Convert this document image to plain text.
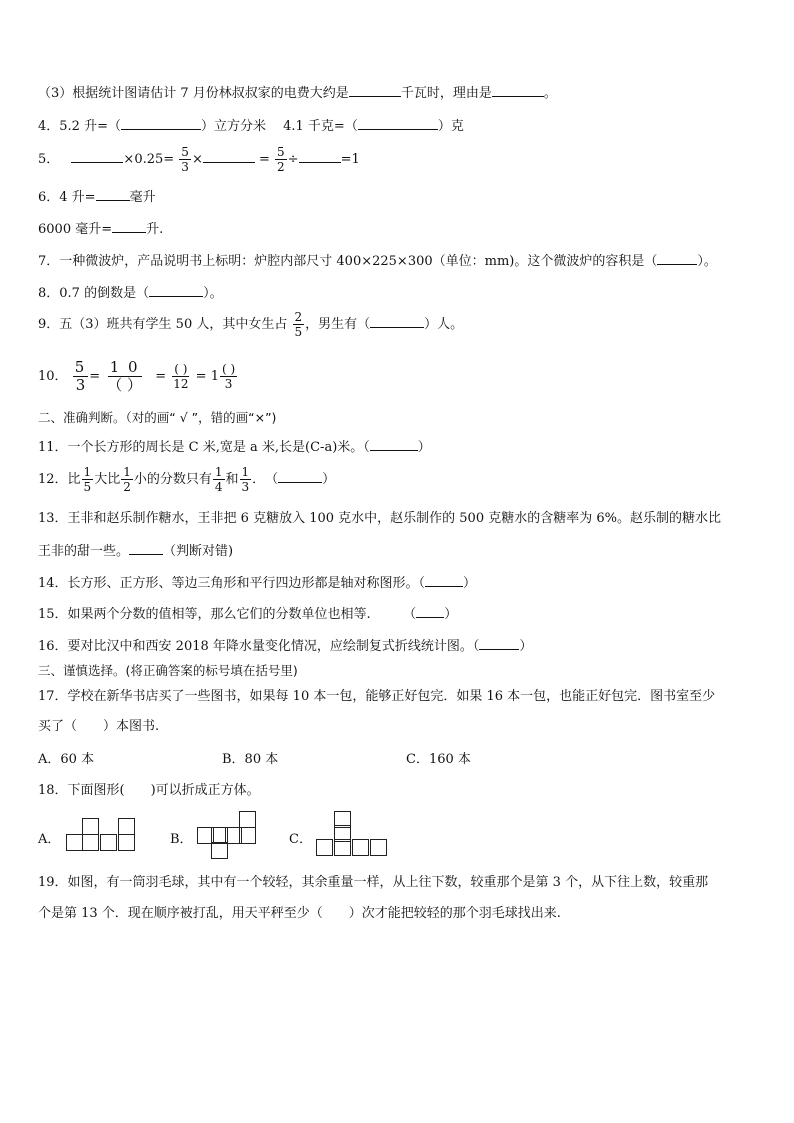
（3）根据统计图请估计 7 月份林叔叔家的电费大约是	千瓦时，理由是	。
4．5.2 升=（	）立方分米　 4.1 千克=（	）克
5．	$\times 0.25= \frac{5}{3}$ ×	= $\frac{5}{2}$ ÷	=1
6．4 升=	毫升
6000 毫升=	升.
7．一种微波炉，产品说明书上标明：炉腔内部尺寸 400×225×300（单位：mm)。这个微波炉的容积是（	）。
8．0.7 的倒数是（	）。
9．五（3）班共有学生 50 人，其中女生占 $\frac{2}{5}$ ，男生有（	）人。
10． $\frac{5}{3} = \frac{1 0}{( )} = \frac{( )}{12} = 1 \frac{( )}{3}$
二、准确判断。（对的画“ √ ”，错的画“×”)
11．一个长方形的周长是 C 米,宽是 a 米,长是(C-a)米。（	）
12．比 $\frac{1}{5}$ 大比 $\frac{1}{2}$ 小的分数只有 $\frac{1}{4}$ 和 $\frac{1}{3}$ ．　（	）
13．王非和赵乐制作糖水，王非把 6 克糖放入 100 克水中，赵乐制作的 500 克糖水的含糖率为 6%。赵乐制的糖水比
王非的甜一些。	（判断对错)
14．长方形、正方形、等边三角形和平行四边形都是轴对称图形。（	）
15．如果两个分数的值相等，那么它们的分数单位也相等.　　　（ ）
16．要对比汉中和西安 2018 年降水量变化情况，应绘制复式折线统计图。（	）
三、谨慎选择。(将正确答案的标号填在括号里)
17．学校在新华书店买了一些图书，如果每 10 本一包，能够正好包完．如果 16 本一包，也能正好包完．图书室至少
买了（　　）本图书.
A．60 本	B．80 本	C．160 本
18．下面图形(　　)可以折成正方体。
A．	B．	C．
19．如图，有一筒羽毛球，其中有一个较轻，其余重量一样，从上往下数，较重那个是第 3 个，从下往上数，较重那
个是第 13 个．现在顺序被打乱，用天平秤至少（　　）次才能把较轻的那个羽毛球找出来.
